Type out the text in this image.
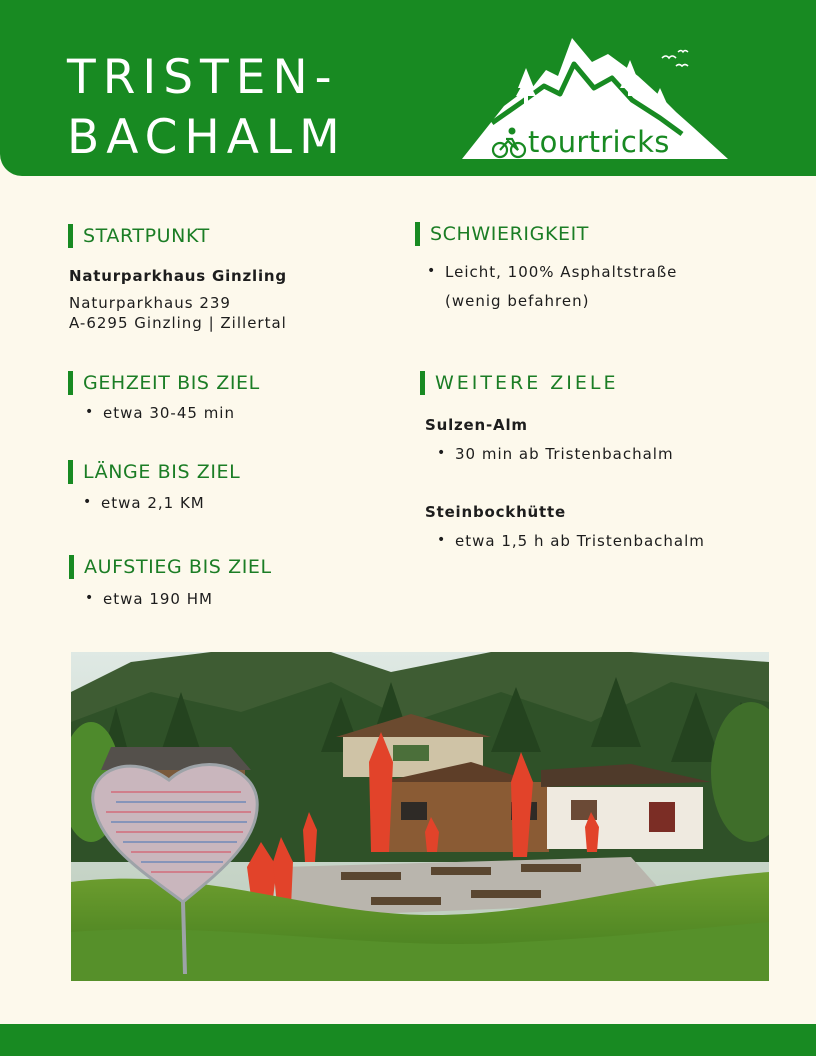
TRISTEN-
BACHALM	tourtricks
STARTPUNKT
Naturparkhaus Ginzling
Naturparkhaus 239
A-6295 Ginzling | Zillertal
GEHZEIT BIS ZIEL
• etwa 30-45 min
LÄNGE BIS ZIEL
• etwa 2,1 KM
AUFSTIEG BIS ZIEL
• etwa 190 HM
SCHWIERIGKEIT
• Leicht, 100% Asphaltstraße
(wenig befahren)
WEITERE ZIELE
Sulzen-Alm
• 30 min ab Tristenbachalm
Steinbockhütte
• etwa 1,5 h ab Tristenbachalm
